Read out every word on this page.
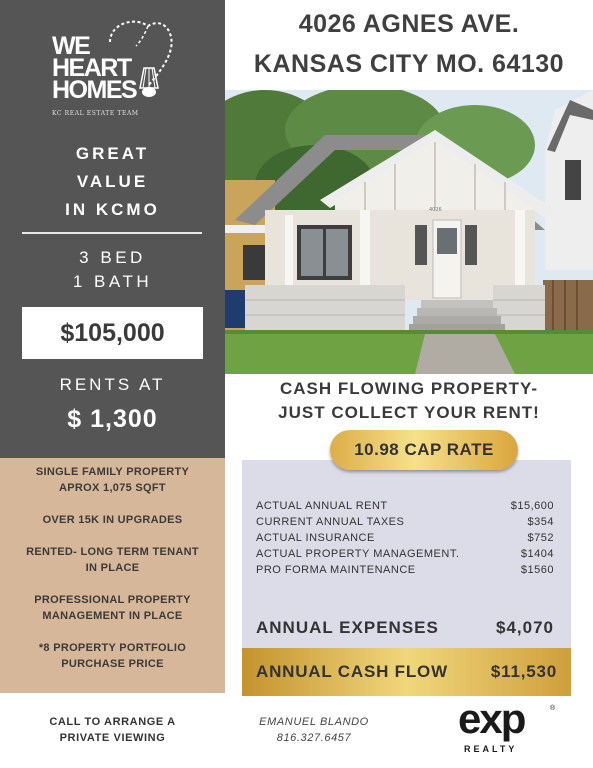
WE
HEART
HOMES
KC REAL ESTATE TEAM
GREAT
VALUE
IN KCMO
3 BED
1 BATH
$105,000
RENTS AT
$ 1,300
SINGLE FAMILY PROPERTY
APROX 1,075 SQFT
OVER 15K IN UPGRADES
RENTED- LONG TERM TENANT
IN PLACE
PROFESSIONAL PROPERTY
MANAGEMENT IN PLACE
*8 PROPERTY PORTFOLIO
PURCHASE PRICE
4026 AGNES AVE.
KANSAS CITY MO. 64130
4026
CASH FLOWING PROPERTY-
JUST COLLECT YOUR RENT!
10.98 CAP RATE
ACTUAL ANNUAL RENT	$15,600
CURRENT ANNUAL TAXES	$354
ACTUAL INSURANCE	$752
ACTUAL PROPERTY MANAGEMENT.	$1404
PRO FORMA MAINTENANCE	$1560
ANNUAL EXPENSES	$4,070
ANNUAL CASH FLOW	$11,530
CALL TO ARRANGE A
PRIVATE VIEWING
EMANUEL BLANDO
816.327.6457	exp	®
REALTY
